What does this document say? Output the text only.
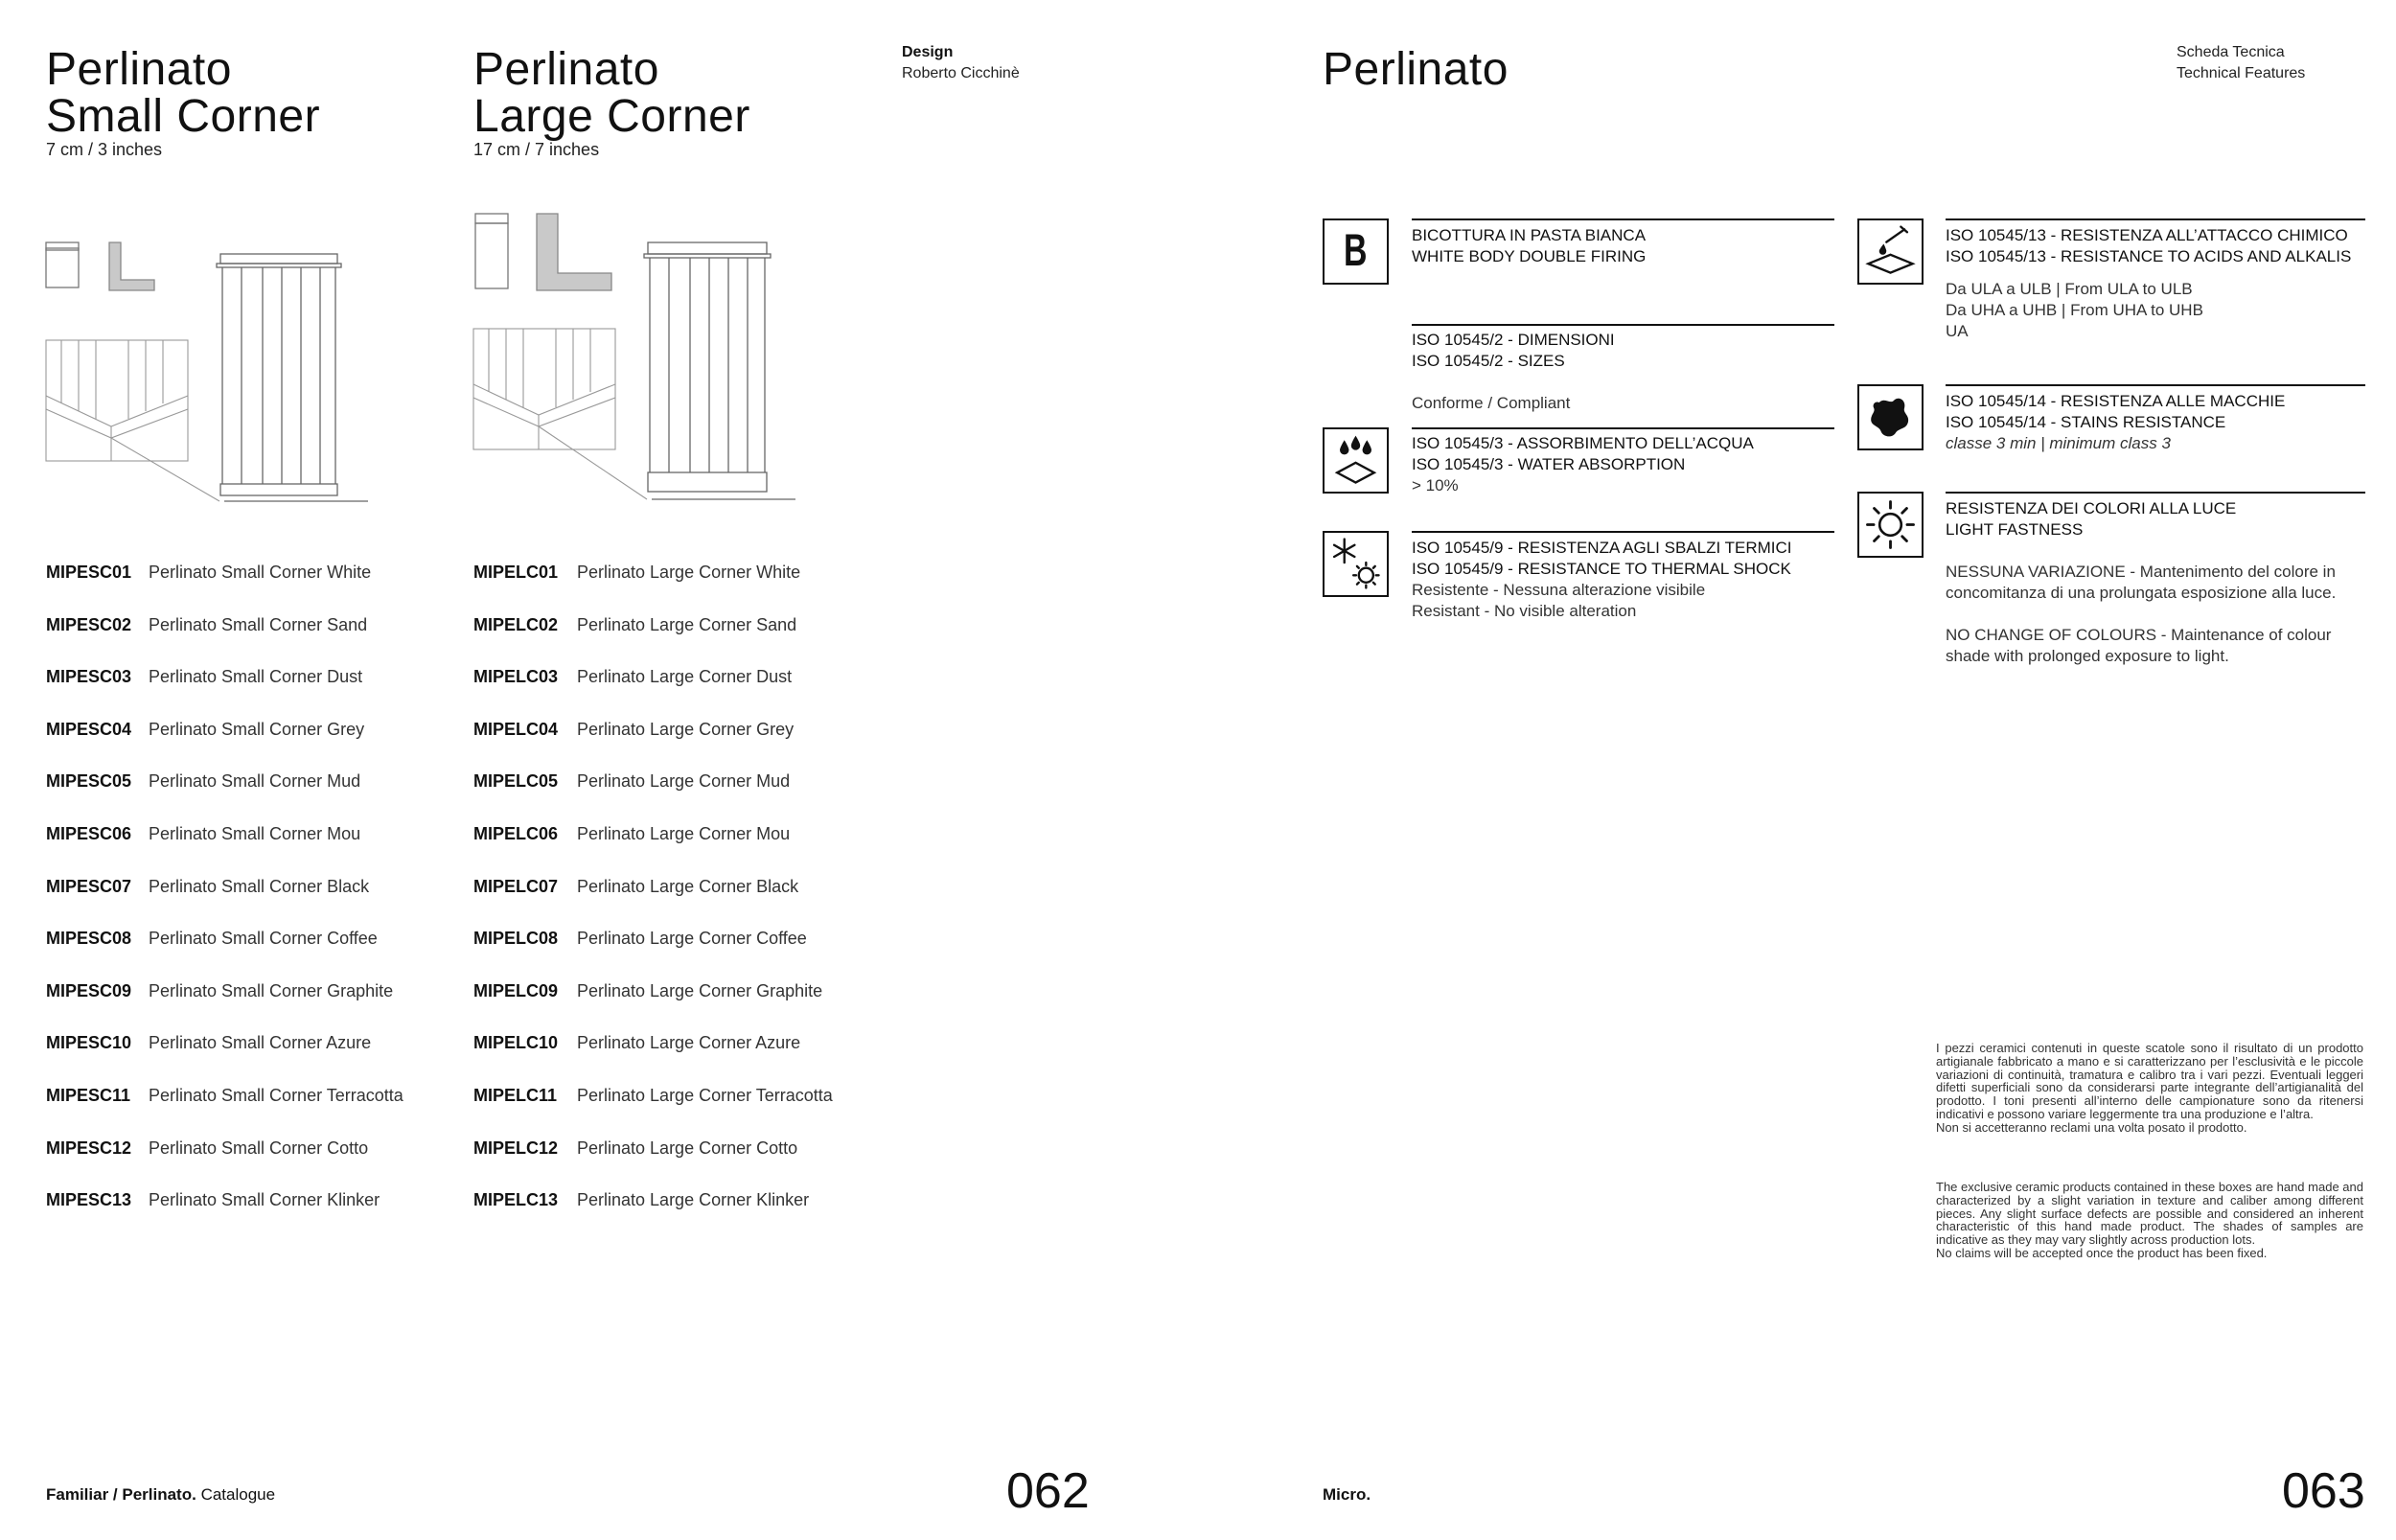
Perlinato
Small Corner
7 cm / 3 inches
Perlinato
Large Corner
17 cm / 7 inches
Design
Roberto Cicchinè
MIPESC01 Perlinato Small Corner White
MIPESC02 Perlinato Small Corner Sand
MIPESC03 Perlinato Small Corner Dust
MIPESC04 Perlinato Small Corner Grey
MIPESC05 Perlinato Small Corner Mud
MIPESC06 Perlinato Small Corner Mou
MIPESC07 Perlinato Small Corner Black
MIPESC08 Perlinato Small Corner Coffee
MIPESC09 Perlinato Small Corner Graphite
MIPESC10 Perlinato Small Corner Azure
MIPESC11	Perlinato Small Corner Terracotta
MIPESC12 Perlinato Small Corner Cotto
MIPESC13 Perlinato Small Corner Klinker
MIPELC01	Perlinato Large Corner White
MIPELC02	Perlinato Large Corner Sand
MIPELC03	Perlinato Large Corner Dust
MIPELC04	Perlinato Large Corner Grey
MIPELC05	Perlinato Large Corner Mud
MIPELC06	Perlinato Large Corner Mou
MIPELC07	Perlinato Large Corner Black
MIPELC08	Perlinato Large Corner Coffee
MIPELC09	Perlinato Large Corner Graphite
MIPELC10	Perlinato Large Corner Azure
MIPELC11	Perlinato Large Corner Terracotta
MIPELC12	Perlinato Large Corner Cotto
MIPELC13	Perlinato Large Corner Klinker
Familiar / Perlinato. Catalogue	062
Perlinato	Scheda Tecnica
Technical Features
B	BICOTTURA IN PASTA BIANCA
WHITE BODY DOUBLE FIRING
ISO 10545/2 - DIMENSIONI
ISO 10545/2 - SIZES
Conforme / Compliant
ISO 10545/3 - ASSORBIMENTO DELL’ACQUA
ISO 10545/3 - WATER ABSORPTION
> 10%
ISO 10545/9 - RESISTENZA AGLI SBALZI TERMICI
ISO 10545/9 - RESISTANCE TO THERMAL SHOCK
Resistente - Nessuna alterazione visibile
Resistant - No visible alteration
ISO 10545/13 - RESISTENZA ALL’ATTACCO CHIMICO
ISO 10545/13 - RESISTANCE TO ACIDS AND ALKALIS
Da ULA a ULB | From ULA to ULB
Da UHA a UHB | From UHA to UHB
UA
ISO 10545/14 - RESISTENZA ALLE MACCHIE
ISO 10545/14 - STAINS RESISTANCE
classe 3 min | minimum class 3
RESISTENZA DEI COLORI ALLA LUCE
LIGHT FASTNESS
NESSUNA VARIAZIONE - Mantenimento del colore in concomitanza di una prolungata esposizione alla luce.
NO CHANGE OF COLOURS - Maintenance of colour shade with prolonged exposure to light.
I pezzi ceramici contenuti in queste scatole sono il risultato di un prodotto artigianale fabbricato a mano e si caratterizzano per l’esclusività e le piccole variazioni di continuità, tramatura e calibro tra i vari pezzi. Eventuali leggeri difetti superficiali sono da considerarsi parte integrante dell’artigianalità del prodotto. I toni presenti all’interno delle campionature sono da ritenersi indicativi e possono variare leggermente tra una produzione e l’altra.
Non si accetteranno reclami una volta posato il prodotto.
The exclusive ceramic products contained in these boxes are hand made and characterized by a slight variation in texture and caliber among different pieces. Any slight surface defects are possible and considered an inherent characteristic of this hand made product. The shades of samples are indicative as they may vary slightly across production lots.
No claims will be accepted once the product has been fixed.
Micro.	063
